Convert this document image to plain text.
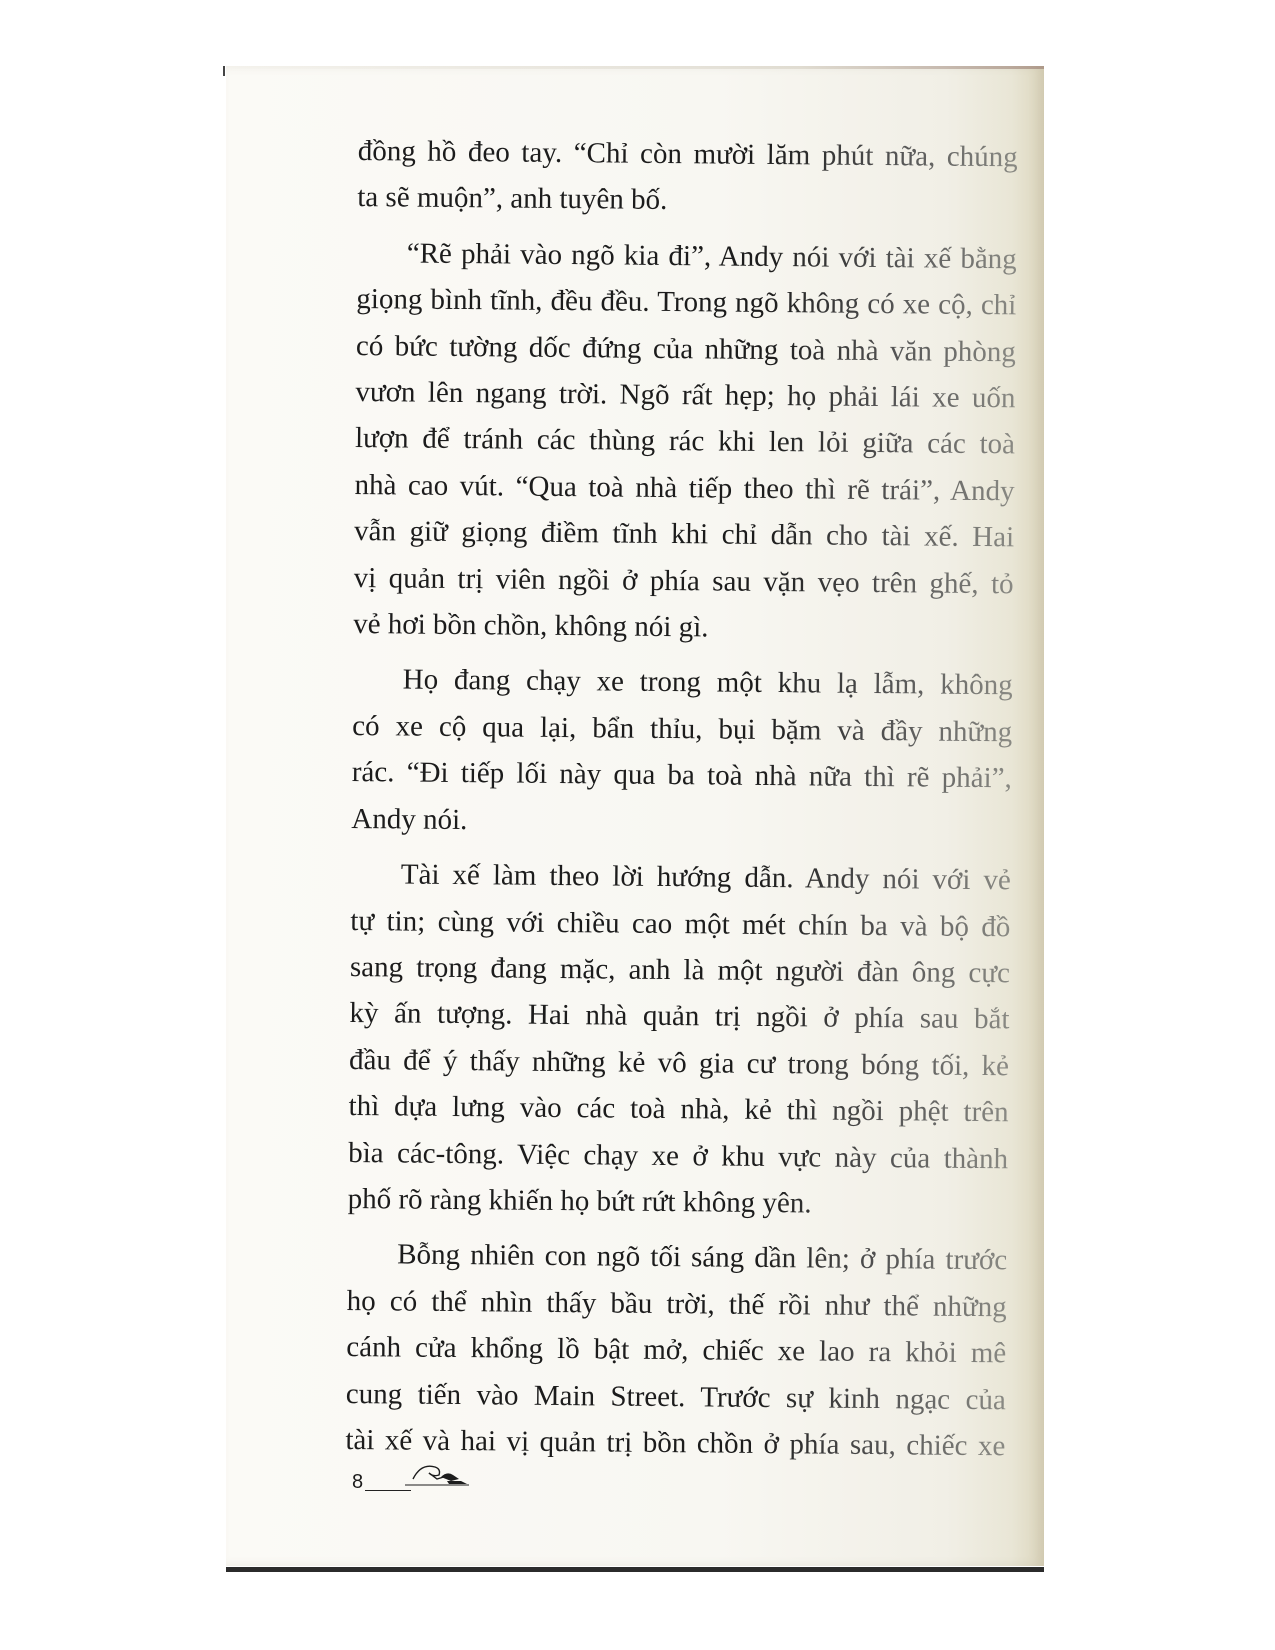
đồng hồ đeo tay. “Chỉ còn mười lăm phút nữa, chúng
ta sẽ muộn”, anh tuyên bố.

“Rẽ phải vào ngõ kia đi”, Andy nói với tài xế bằng
giọng bình tĩnh, đều đều. Trong ngõ không có xe cộ, chỉ
có bức tường dốc đứng của những toà nhà văn phòng
vươn lên ngang trời. Ngõ rất hẹp; họ phải lái xe uốn
lượn để tránh các thùng rác khi len lỏi giữa các toà
nhà cao vút. “Qua toà nhà tiếp theo thì rẽ trái”, Andy
vẫn giữ giọng điềm tĩnh khi chỉ dẫn cho tài xế. Hai
vị quản trị viên ngồi ở phía sau vặn vẹo trên ghế, tỏ
vẻ hơi bồn chồn, không nói gì.

Họ đang chạy xe trong một khu lạ lẫm, không
có xe cộ qua lại, bẩn thỉu, bụi bặm và đầy những
rác. “Đi tiếp lối này qua ba toà nhà nữa thì rẽ phải”,
Andy nói.

Tài xế làm theo lời hướng dẫn. Andy nói với vẻ
tự tin; cùng với chiều cao một mét chín ba và bộ đồ
sang trọng đang mặc, anh là một người đàn ông cực
kỳ ấn tượng. Hai nhà quản trị ngồi ở phía sau bắt
đầu để ý thấy những kẻ vô gia cư trong bóng tối, kẻ
thì dựa lưng vào các toà nhà, kẻ thì ngồi phệt trên
bìa các-tông. Việc chạy xe ở khu vực này của thành
phố rõ ràng khiến họ bứt rứt không yên.

Bỗng nhiên con ngõ tối sáng dần lên; ở phía trước
họ có thể nhìn thấy bầu trời, thế rồi như thể những
cánh cửa khổng lồ bật mở, chiếc xe lao ra khỏi mê
cung tiến vào Main Street. Trước sự kinh ngạc của
tài xế và hai vị quản trị bồn chồn ở phía sau, chiếc xe

8
